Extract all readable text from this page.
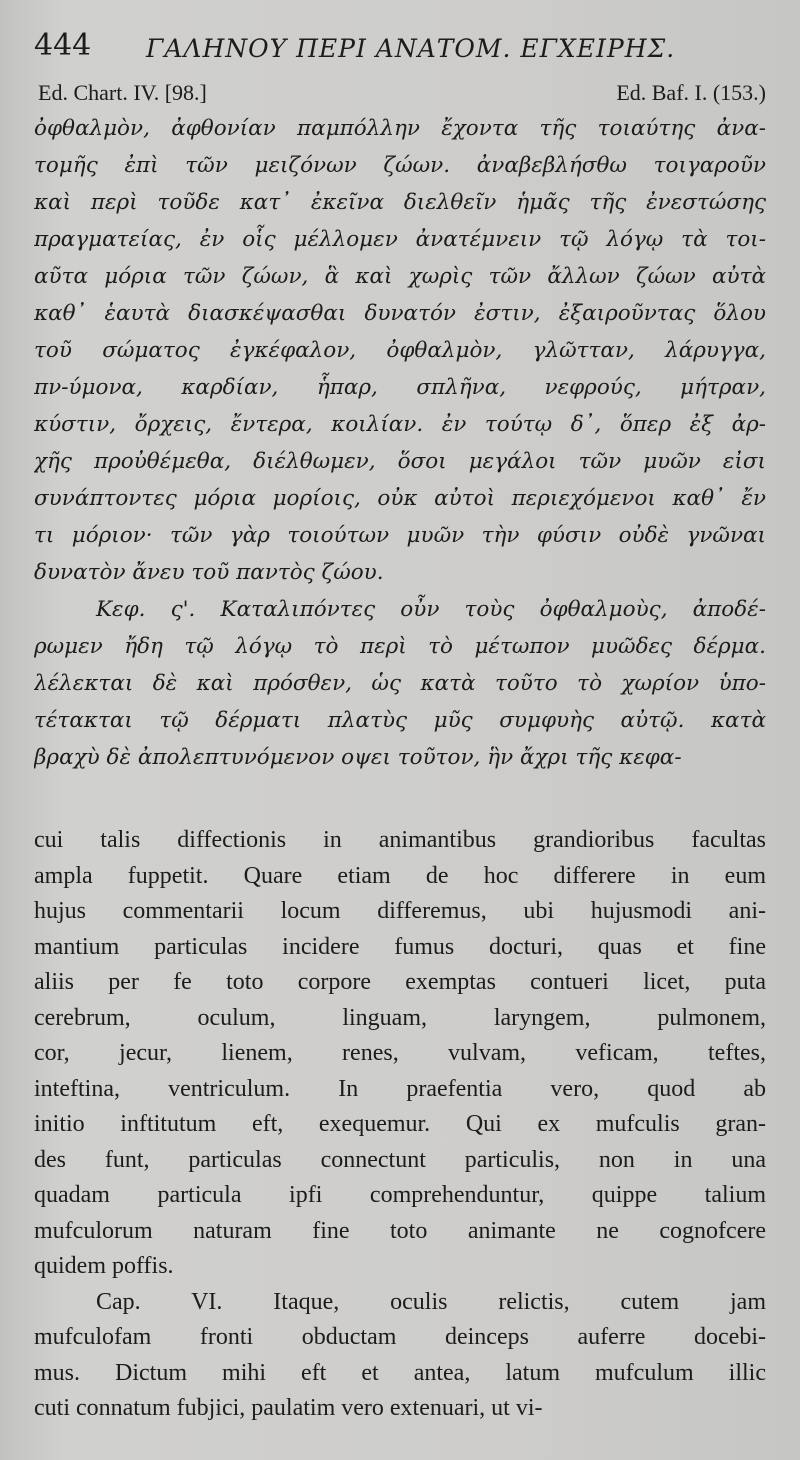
444 ΓΑΛΗΝΟΥ ΠΕΡΙ ΑΝΑΤΟΜ. ΕΓΧΕΙΡΗΣ.
Ed. Chart. IV. [98.]	Ed. Baf. I. (153.)
ὀφθαλμὸν, ἀφθονίαν παμπόλλην ἔχοντα τῆς τοιαύτης ἀνα-
τομῆς ἐπὶ τῶν μειζόνων ζώων. ἀναβεβλήσθω τοιγαροῦν
καὶ περὶ τοῦδε κατ᾽ ἐκεῖνα διελθεῖν ἡμᾶς τῆς ἐνεστώσης
πραγματείας, ἐν οἷς μέλλομεν ἀνατέμνειν τῷ λόγῳ τὰ τοι-
αῦτα μόρια τῶν ζώων, ἃ καὶ χωρὶς τῶν ἄλλων ζώων αὐτὰ
καθ᾽ ἑαυτὰ διασκέψασθαι δυνατόν ἐστιν, ἐξαιροῦντας ὅλου
τοῦ σώματος ἐγκέφαλον, ὀφθαλμὸν, γλῶτταν, λάρυγγα,
πν-ύμονα, καρδίαν, ἧπαρ, σπλῆνα, νεφρούς, μήτραν,
κύστιν, ὄρχεις, ἔντερα, κοιλίαν. ἐν τούτῳ δ᾽, ὅπερ ἐξ ἀρ-
χῆς προὐθέμεθα, διέλθωμεν, ὅσοι μεγάλοι τῶν μυῶν εἰσι
συνάπτοντες μόρια μορίοις, οὐκ αὐτοὶ περιεχόμενοι καθ᾽ ἔν
τι μόριον· τῶν γὰρ τοιούτων μυῶν τὴν φύσιν οὐδὲ γνῶναι
δυνατὸν ἄνευ τοῦ παντὸς ζώου.
Κεφ. ς'. Καταλιπόντες οὖν τοὺς ὀφθαλμοὺς, ἀποδέ-
ρωμεν ἤδη τῷ λόγῳ τὸ περὶ τὸ μέτωπον μυῶδες δέρμα.
λέλεκται δὲ καὶ πρόσθεν, ὡς κατὰ τοῦτο τὸ χωρίον ὑπο-
τέτακται τῷ δέρματι πλατὺς μῦς συμφυὴς αὐτῷ. κατὰ
βραχὺ δὲ ἀπολεπτυνόμενον οψει τοῦτον, ἣν ἄχρι τῆς κεφα-
cui talis diffectionis in animantibus grandioribus facultas
ampla fuppetit. Quare etiam de hoc differere in eum
hujus commentarii locum differemus, ubi hujusmodi ani-
mantium particulas incidere fumus docturi, quas et fine
aliis per fe toto corpore exemptas contueri licet, puta
cerebrum, oculum, linguam, laryngem, pulmonem,
cor, jecur, lienem, renes, vulvam, veficam, teftes,
inteftina, ventriculum. In praefentia vero, quod ab
initio inftitutum eft, exequemur. Qui ex mufculis gran-
des funt, particulas connectunt particulis, non in una
quadam particula ipfi comprehenduntur, quippe talium
mufculorum naturam fine toto animante ne cognofcere
quidem poffis.
Cap. VI. Itaque, oculis relictis, cutem jam
mufculofam fronti obductam deinceps auferre docebi-
mus. Dictum mihi eft et antea, latum mufculum illic
cuti connatum fubjici, paulatim vero extenuari, ut vi-
